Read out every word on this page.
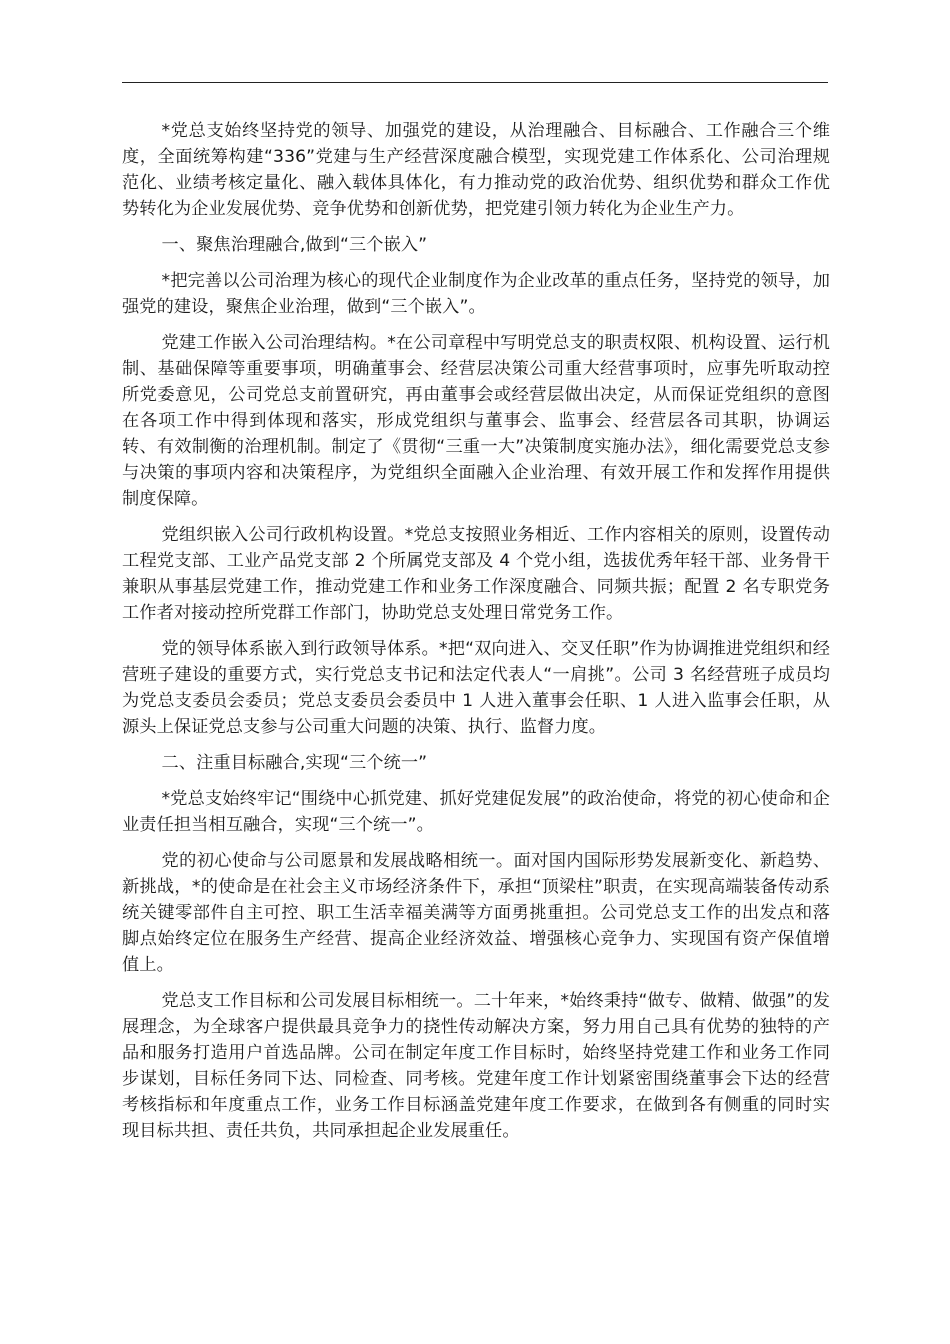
*党总支始终坚持党的领导、加强党的建设，从治理融合、目标融合、工作融合三个维度，全面统筹构建“336”党建与生产经营深度融合模型，实现党建工作体系化、公司治理规范化、业绩考核定量化、融入载体具体化，有力推动党的政治优势、组织优势和群众工作优势转化为企业发展优势、竞争优势和创新优势，把党建引领力转化为企业生产力。

一、聚焦治理融合,做到“三个嵌入”

*把完善以公司治理为核心的现代企业制度作为企业改革的重点任务，坚持党的领导，加强党的建设，聚焦企业治理，做到“三个嵌入”。

党建工作嵌入公司治理结构。*在公司章程中写明党总支的职责权限、机构设置、运行机制、基础保障等重要事项，明确董事会、经营层决策公司重大经营事项时，应事先听取动控所党委意见，公司党总支前置研究，再由董事会或经营层做出决定，从而保证党组织的意图在各项工作中得到体现和落实，形成党组织与董事会、监事会、经营层各司其职，协调运转、有效制衡的治理机制。制定了《贯彻“三重一大”决策制度实施办法》，细化需要党总支参与决策的事项内容和决策程序，为党组织全面融入企业治理、有效开展工作和发挥作用提供制度保障。

党组织嵌入公司行政机构设置。*党总支按照业务相近、工作内容相关的原则，设置传动工程党支部、工业产品党支部 2 个所属党支部及 4 个党小组，选拔优秀年轻干部、业务骨干兼职从事基层党建工作，推动党建工作和业务工作深度融合、同频共振；配置 2 名专职党务工作者对接动控所党群工作部门，协助党总支处理日常党务工作。

党的领导体系嵌入到行政领导体系。*把“双向进入、交叉任职”作为协调推进党组织和经营班子建设的重要方式，实行党总支书记和法定代表人“一肩挑”。公司 3 名经营班子成员均为党总支委员会委员；党总支委员会委员中 1 人进入董事会任职、1 人进入监事会任职，从源头上保证党总支参与公司重大问题的决策、执行、监督力度。

二、注重目标融合,实现“三个统一”

*党总支始终牢记“围绕中心抓党建、抓好党建促发展”的政治使命，将党的初心使命和企业责任担当相互融合，实现“三个统一”。

党的初心使命与公司愿景和发展战略相统一。面对国内国际形势发展新变化、新趋势、新挑战，*的使命是在社会主义市场经济条件下，承担“顶梁柱”职责，在实现高端装备传动系统关键零部件自主可控、职工生活幸福美满等方面勇挑重担。公司党总支工作的出发点和落脚点始终定位在服务生产经营、提高企业经济效益、增强核心竞争力、实现国有资产保值增值上。

党总支工作目标和公司发展目标相统一。二十年来，*始终秉持“做专、做精、做强”的发展理念，为全球客户提供最具竞争力的挠性传动解决方案，努力用自己具有优势的独特的产品和服务打造用户首选品牌。公司在制定年度工作目标时，始终坚持党建工作和业务工作同步谋划，目标任务同下达、同检查、同考核。党建年度工作计划紧密围绕董事会下达的经营考核指标和年度重点工作，业务工作目标涵盖党建年度工作要求，在做到各有侧重的同时实现目标共担、责任共负，共同承担起企业发展重任。
